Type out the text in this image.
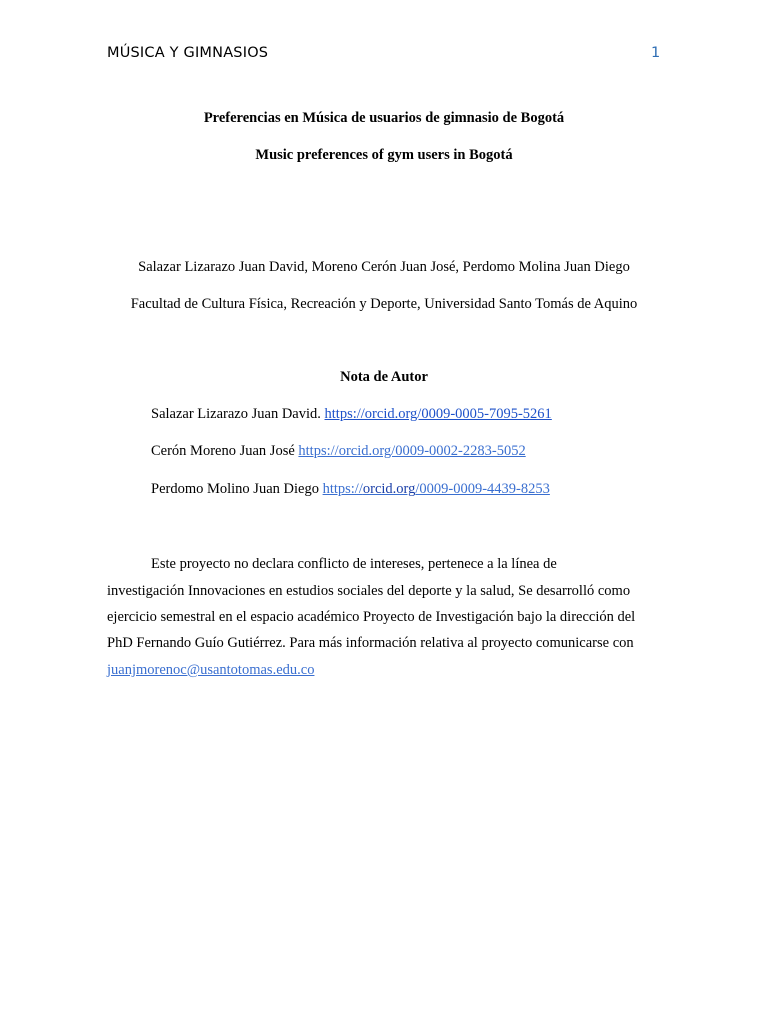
MÚSICA Y GIMNASIOS	1
Preferencias en Música de usuarios de gimnasio de Bogotá
Music preferences of gym users in Bogotá
Salazar Lizarazo Juan David, Moreno Cerón Juan José, Perdomo Molina Juan Diego
Facultad de Cultura Física, Recreación y Deporte, Universidad Santo Tomás de Aquino
Nota de Autor
Salazar Lizarazo Juan David. https://orcid.org/0009-0005-7095-5261
Cerón Moreno Juan José https://orcid.org/0009-0002-2283-5052
Perdomo Molino Juan Diego https://orcid.org/0009-0009-4439-8253
Este proyecto no declara conflicto de intereses, pertenece a la línea de
investigación Innovaciones en estudios sociales del deporte y la salud, Se desarrolló como
ejercicio semestral en el espacio académico Proyecto de Investigación bajo la dirección del
PhD Fernando Guío Gutiérrez. Para más información relativa al proyecto comunicarse con
juanjmorenoc@usantotomas.edu.co
